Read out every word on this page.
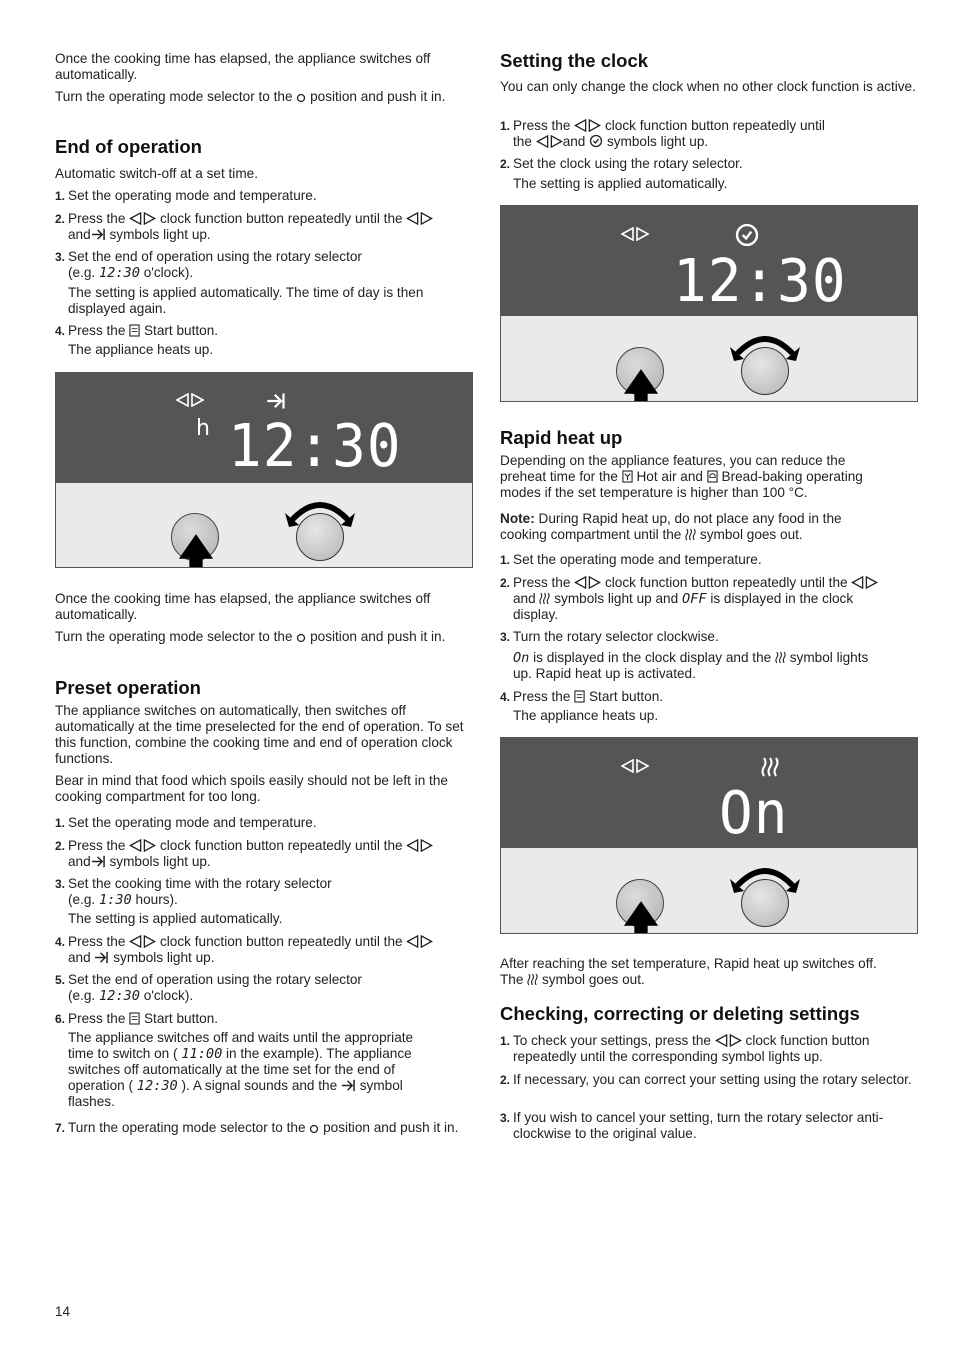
Once the cooking time has elapsed, the appliance switches off automatically.

Turn the operating mode selector to the position and push it in.

End of operation

Automatic switch-off at a set time.

1. Set the operating mode and temperature.
2. Press the	clock function button repeatedly until the
and symbols light up.
3. Set the end of operation using the rotary selector
(e.g. 12:30 o'clock).

The setting is applied automatically. The time of day is then displayed again.

4. Press the Start button.

The appliance heats up.

h 12:30

Once the cooking time has elapsed, the appliance switches off automatically.

Turn the operating mode selector to the position and push it in.

Preset operation

The appliance switches on automatically, then switches off automatically at the time preselected for the end of operation. To set this function, combine the cooking time and end of operation clock functions.

Bear in mind that food which spoils easily should not be left in the cooking compartment for too long.

1. Set the operating mode and temperature.
2. Press the	clock function button repeatedly until the
and symbols light up.
3. Set the cooking time with the rotary selector
(e.g. 1:30 hours).

The setting is applied automatically.

4. Press the	clock function button repeatedly until the
and symbols light up.
5. Set the end of operation using the rotary selector
(e.g. 12:30 o'clock).
6. Press the Start button.
The appliance switches off and waits until the appropriate
time to switch on ( 11:00 in the example). The appliance
switches off automatically at the time set for the end of
operation ( 12:30 ). A signal sounds and the symbol
flashes.
7. Turn the operating mode selector to the position and push it in.
Setting the clock

You can only change the clock when no other clock function is active.

1. Press the	clock function button repeatedly until
the and symbols light up.
2. Set the clock using the rotary selector.

The setting is applied automatically.

12:30
Rapid heat up
Depending on the appliance features, you can reduce the
preheat time for the Hot air and Bread-baking operating
modes if the set temperature is higher than 100 °C.
Note: During Rapid heat up, do not place any food in the
cooking compartment until the symbol goes out.
1. Set the operating mode and temperature.
2. Press the	clock function button repeatedly until the
and symbols light up and OFF is displayed in the clock
display.
3. Turn the rotary selector clockwise.
On is displayed in the clock display and the symbol lights
up. Rapid heat up is activated.
4. Press the Start button.

The appliance heats up.

On
After reaching the set temperature, Rapid heat up switches off.
The symbol goes out.
Checking, correcting or deleting settings
1. To check your settings, press the	clock function button
repeatedly until the corresponding symbol lights up.
2. If necessary, you can correct your setting using the rotary selector.
3. If you wish to cancel your setting, turn the rotary selector anti-clockwise to the original value.
14
